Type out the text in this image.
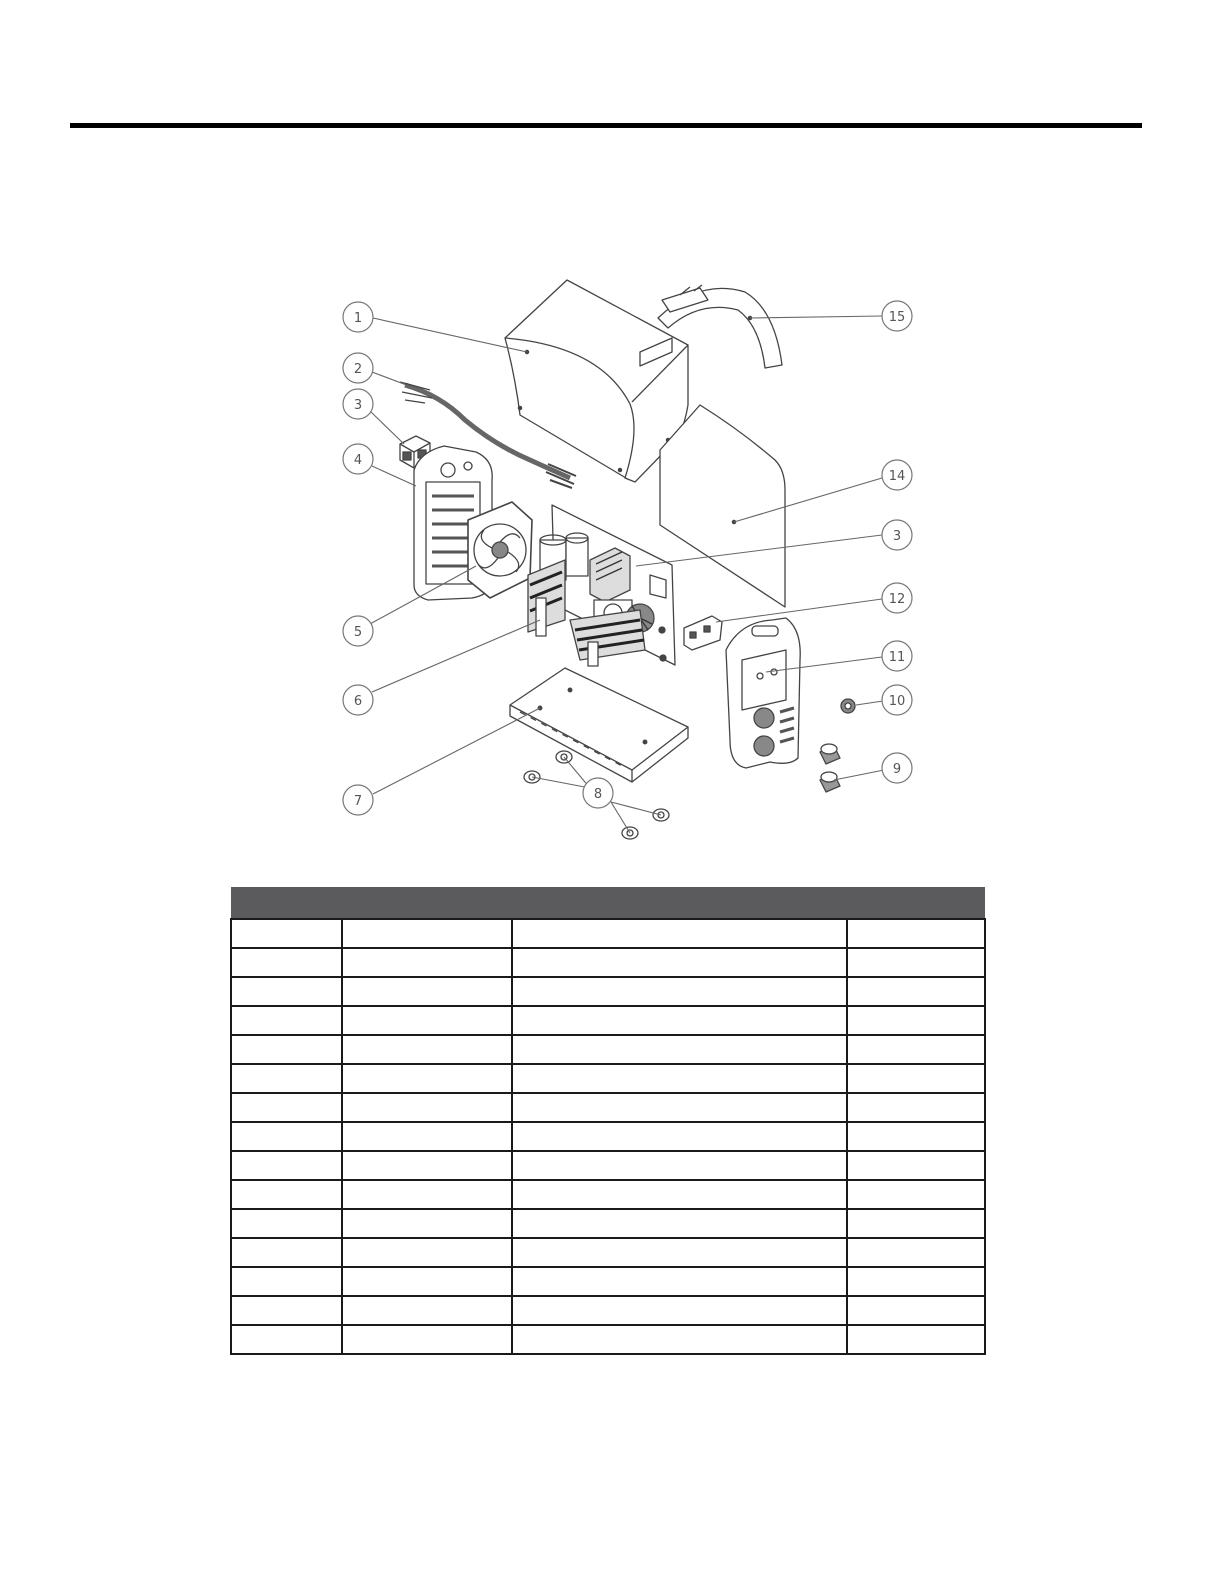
1
2
3
4
5
6
7	8
9
10
11
12
3
14
15
